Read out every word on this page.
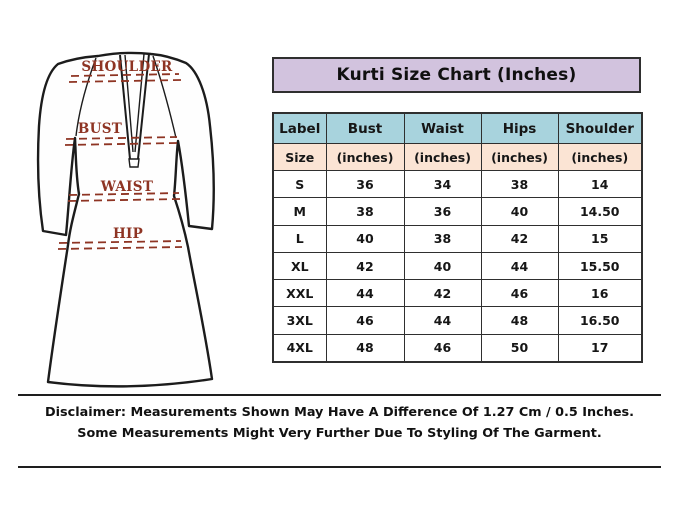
SHOULDER
BUST
WAIST
HIP
Kurti Size Chart (Inches)
Label	Bust	Waist	Hips	Shoulder
Size	(inches)	(inches)	(inches)	(inches)
S	36	34	38	14
M	38	36	40	14.50
L	40	38	42	15
XL	42	40	44	15.50
XXL	44	42	46	16
3XL	46	44	48	16.50
4XL	48	46	50	17
Disclaimer: Measurements Shown May Have A Difference Of 1.27 Cm / 0.5 Inches.
Some Measurements Might Very Further Due To Styling Of The Garment.
